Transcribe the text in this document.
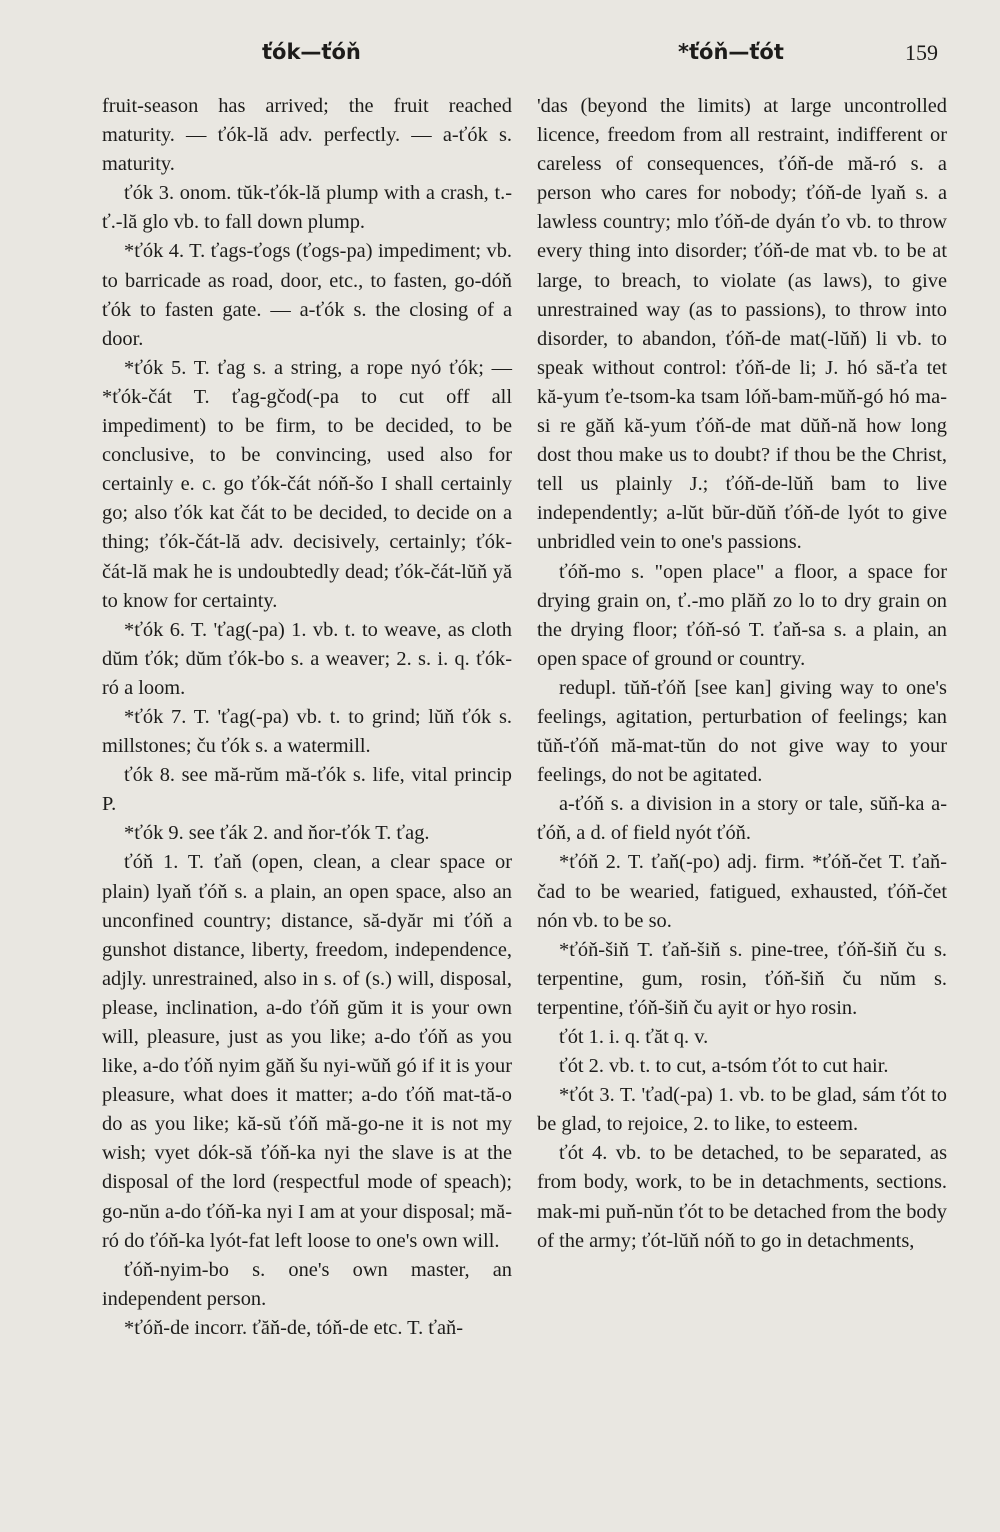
ťók—ťóň	*ťóň—ťót	159

fruit-season has arrived; the fruit reached maturity. — ťók-lă adv. perfectly. — a-ťók s. maturity.

ťók 3. onom. tŭk-ťók-lă plump with a crash, t.-ť.-lă glo vb. to fall down plump.

*ťók 4. T. ťags-ťogs (ťogs-pa) impediment; vb. to barricade as road, door, etc., to fasten, go-dóň ťók to fasten gate. — a-ťók s. the closing of a door.

*ťók 5. T. ťag s. a string, a rope nyó ťók; — *ťók-čát T. ťag-gčod(-pa to cut off all impediment) to be firm, to be decided, to be conclusive, to be convincing, used also for certainly e. c. go ťók-čát nóň-šo I shall certainly go; also ťók kat čát to be decided, to decide on a thing; ťók-čát-lă adv. decisively, certainly; ťók-čát-lă mak he is undoubtedly dead; ťók-čát-lŭň yă to know for certainty.

*ťók 6. T. 'ťag(-pa) 1. vb. t. to weave, as cloth dŭm ťók; dŭm ťók-bo s. a weaver; 2. s. i. q. ťók-ró a loom.

*ťók 7. T. 'ťag(-pa) vb. t. to grind; lŭň ťók s. millstones; ču ťók s. a watermill.

ťók 8. see mă-rŭm mă-ťók s. life, vital princip P.

*ťók 9. see ťák 2. and ňor-ťók T. ťag.

ťóň 1. T. ťaň (open, clean, a clear space or plain) lyaň ťóň s. a plain, an open space, also an unconfined country; distance, să-dyăr mi ťóň a gunshot distance, liberty, freedom, independence, adjly. unrestrained, also in s. of (s.) will, disposal, please, inclination, a-do ťóň gŭm it is your own will, pleasure, just as you like; a-do ťóň as you like, a-do ťóň nyim găň šu nyi-wŭň gó if it is your pleasure, what does it matter; a-do ťóň mat-tă-o do as you like; kă-sŭ ťóň mă-go-ne it is not my wish; vyet dók-să ťóň-ka nyi the slave is at the disposal of the lord (respectful mode of speach); go-nŭn a-do ťóň-ka nyi I am at your disposal; mă-ró do ťóň-ka lyót-fat left loose to one's own will.

ťóň-nyim-bo s. one's own master, an independent person.

*ťóň-de incorr. ťăň-de, tóň-de etc. T. ťaň-

'das (beyond the limits) at large uncontrolled licence, freedom from all restraint, indifferent or careless of consequences, ťóň-de mă-ró s. a person who cares for nobody; ťóň-de lyaň s. a lawless country; mlo ťóň-de dyán ťo vb. to throw every thing into disorder; ťóň-de mat vb. to be at large, to breach, to violate (as laws), to give unrestrained way (as to passions), to throw into disorder, to abandon, ťóň-de mat(-lŭň) li vb. to speak without control: ťóň-de li; J. hó să-ťa tet kă-yum ťe-tsom-ka tsam lóň-bam-mŭň-gó hó ma-si re găň kă-yum ťóň-de mat dŭň-nă how long dost thou make us to doubt? if thou be the Christ, tell us plainly J.; ťóň-de-lŭň bam to live independently; a-lŭt bŭr-dŭň ťóň-de lyót to give unbridled vein to one's passions.

ťóň-mo s. "open place" a floor, a space for drying grain on, ť.-mo plăň zo lo to dry grain on the drying floor; ťóň-só T. ťaň-sa s. a plain, an open space of ground or country.

redupl. tŭň-ťóň [see kan] giving way to one's feelings, agitation, perturbation of feelings; kan tŭň-ťóň mă-mat-tŭn do not give way to your feelings, do not be agitated.

a-ťóň s. a division in a story or tale, sŭň-ka a-ťóň, a d. of field nyót ťóň.

*ťóň 2. T. ťaň(-po) adj. firm. *ťóň-čet T. ťaň-čad to be wearied, fatigued, exhausted, ťóň-čet nón vb. to be so.

*ťóň-šiň T. ťaň-šiň s. pine-tree, ťóň-šiň ču s. terpentine, gum, rosin, ťóň-šiň ču nŭm s. terpentine, ťóň-šiň ču ayit or hyo rosin.

ťót 1. i. q. ťăt q. v.

ťót 2. vb. t. to cut, a-tsóm ťót to cut hair.

*ťót 3. T. 'ťad(-pa) 1. vb. to be glad, sám ťót to be glad, to rejoice, 2. to like, to esteem.

ťót 4. vb. to be detached, to be separated, as from body, work, to be in detachments, sections. mak-mi puň-nŭn ťót to be detached from the body of the army; ťót-lŭň nóň to go in detachments,
